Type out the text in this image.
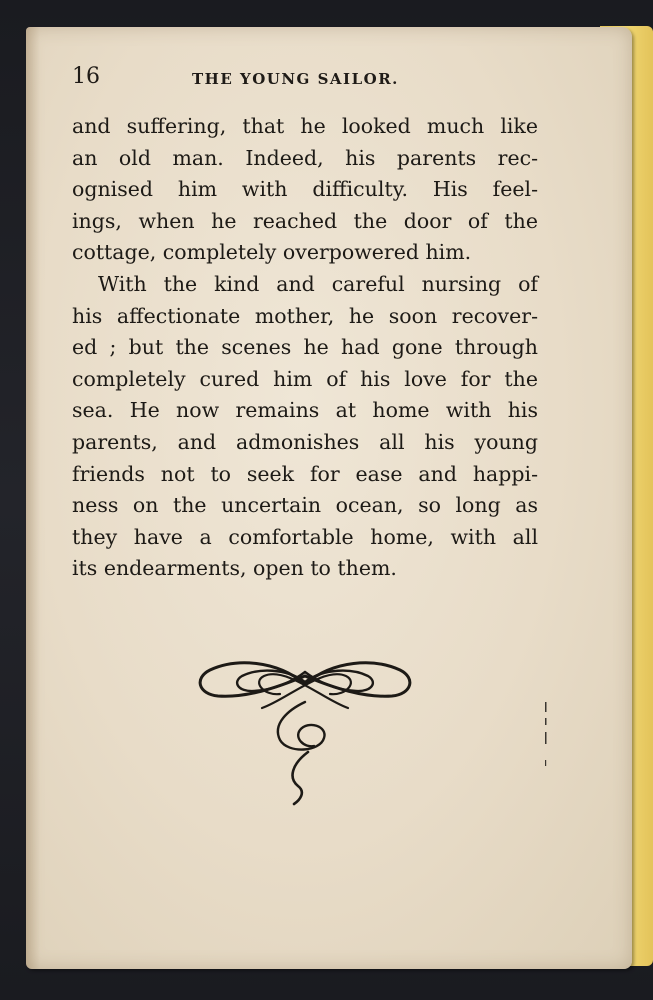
16	THE YOUNG SAILOR.
and suffering, that he looked much like
an old man. Indeed, his parents rec-
ognised him with difficulty. His feel-
ings, when he reached the door of the
cottage, completely overpowered him.
With the kind and careful nursing of
his affectionate mother, he soon recover-
ed ; but the scenes he had gone through
completely cured him of his love for the
sea. He now remains at home with his
parents, and admonishes all his young
friends not to seek for ease and happi-
ness on the uncertain ocean, so long as
they have a comfortable home, with all
its endearments, open to them.
